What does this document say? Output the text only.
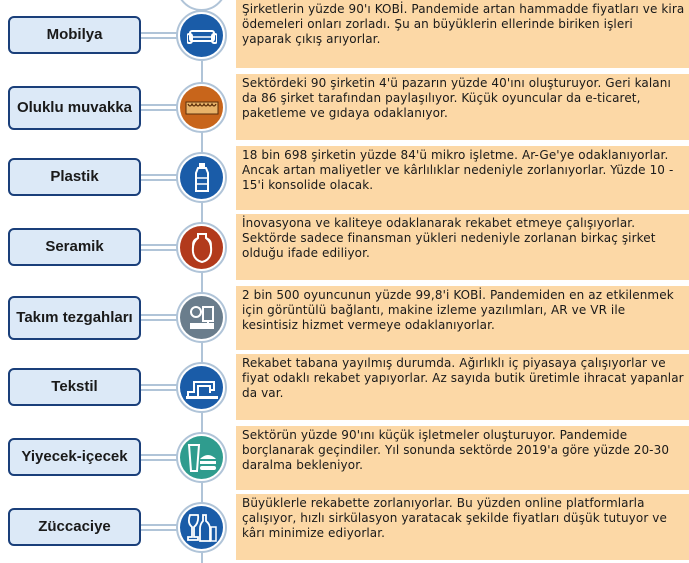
Mobilya
Şirketlerin yüzde 90'ı KOBİ. Pandemide artan hammadde fiyatları ve kira ödemeleri onları zorladı. Şu an büyüklerin ellerinde biriken işleri yaparak çıkış arıyorlar.
Oluklu muvakka
Sektördeki 90 şirketin 4'ü pazarın yüzde 40'ını oluşturuyor. Geri kalanı da 86 şirket tarafından paylaşılıyor. Küçük oyuncular da e-ticaret, paketleme ve gıdaya odaklanıyor.
Plastik
18 bin 698 şirketin yüzde 84'ü mikro işletme. Ar-Ge'ye odaklanıyorlar. Ancak artan maliyetler ve kârlılıklar nedeniyle zorlanıyorlar. Yüzde 10 - 15'i konsolide olacak.
Seramik
İnovasyona ve kaliteye odaklanarak rekabet etmeye çalışıyorlar. Sektörde sadece finansman yükleri nedeniyle zorlanan birkaç şirket olduğu ifade ediliyor.
Takım tezgahları
2 bin 500 oyuncunun yüzde 99,8'i KOBİ. Pandemiden en az etkilenmek için görüntülü bağlantı, makine izleme yazılımları, AR ve VR ile kesintisiz hizmet vermeye odaklanıyorlar.
Tekstil
Rekabet tabana yayılmış durumda. Ağırlıklı iç piyasaya çalışıyorlar ve fiyat odaklı rekabet yapıyorlar. Az sayıda butik üretimle ihracat yapanlar da var.
Yiyecek-içecek
Sektörün yüzde 90'ını küçük işletmeler oluşturuyor. Pandemide borçlanarak geçindiler. Yıl sonunda sektörde 2019'a göre yüzde 20-30 daralma bekleniyor.
Züccaciye
Büyüklerle rekabette zorlanıyorlar. Bu yüzden online platformlarla çalışıyor, hızlı sirkülasyon yaratacak şekilde fiyatları düşük tutuyor ve kârı minimize ediyorlar.
